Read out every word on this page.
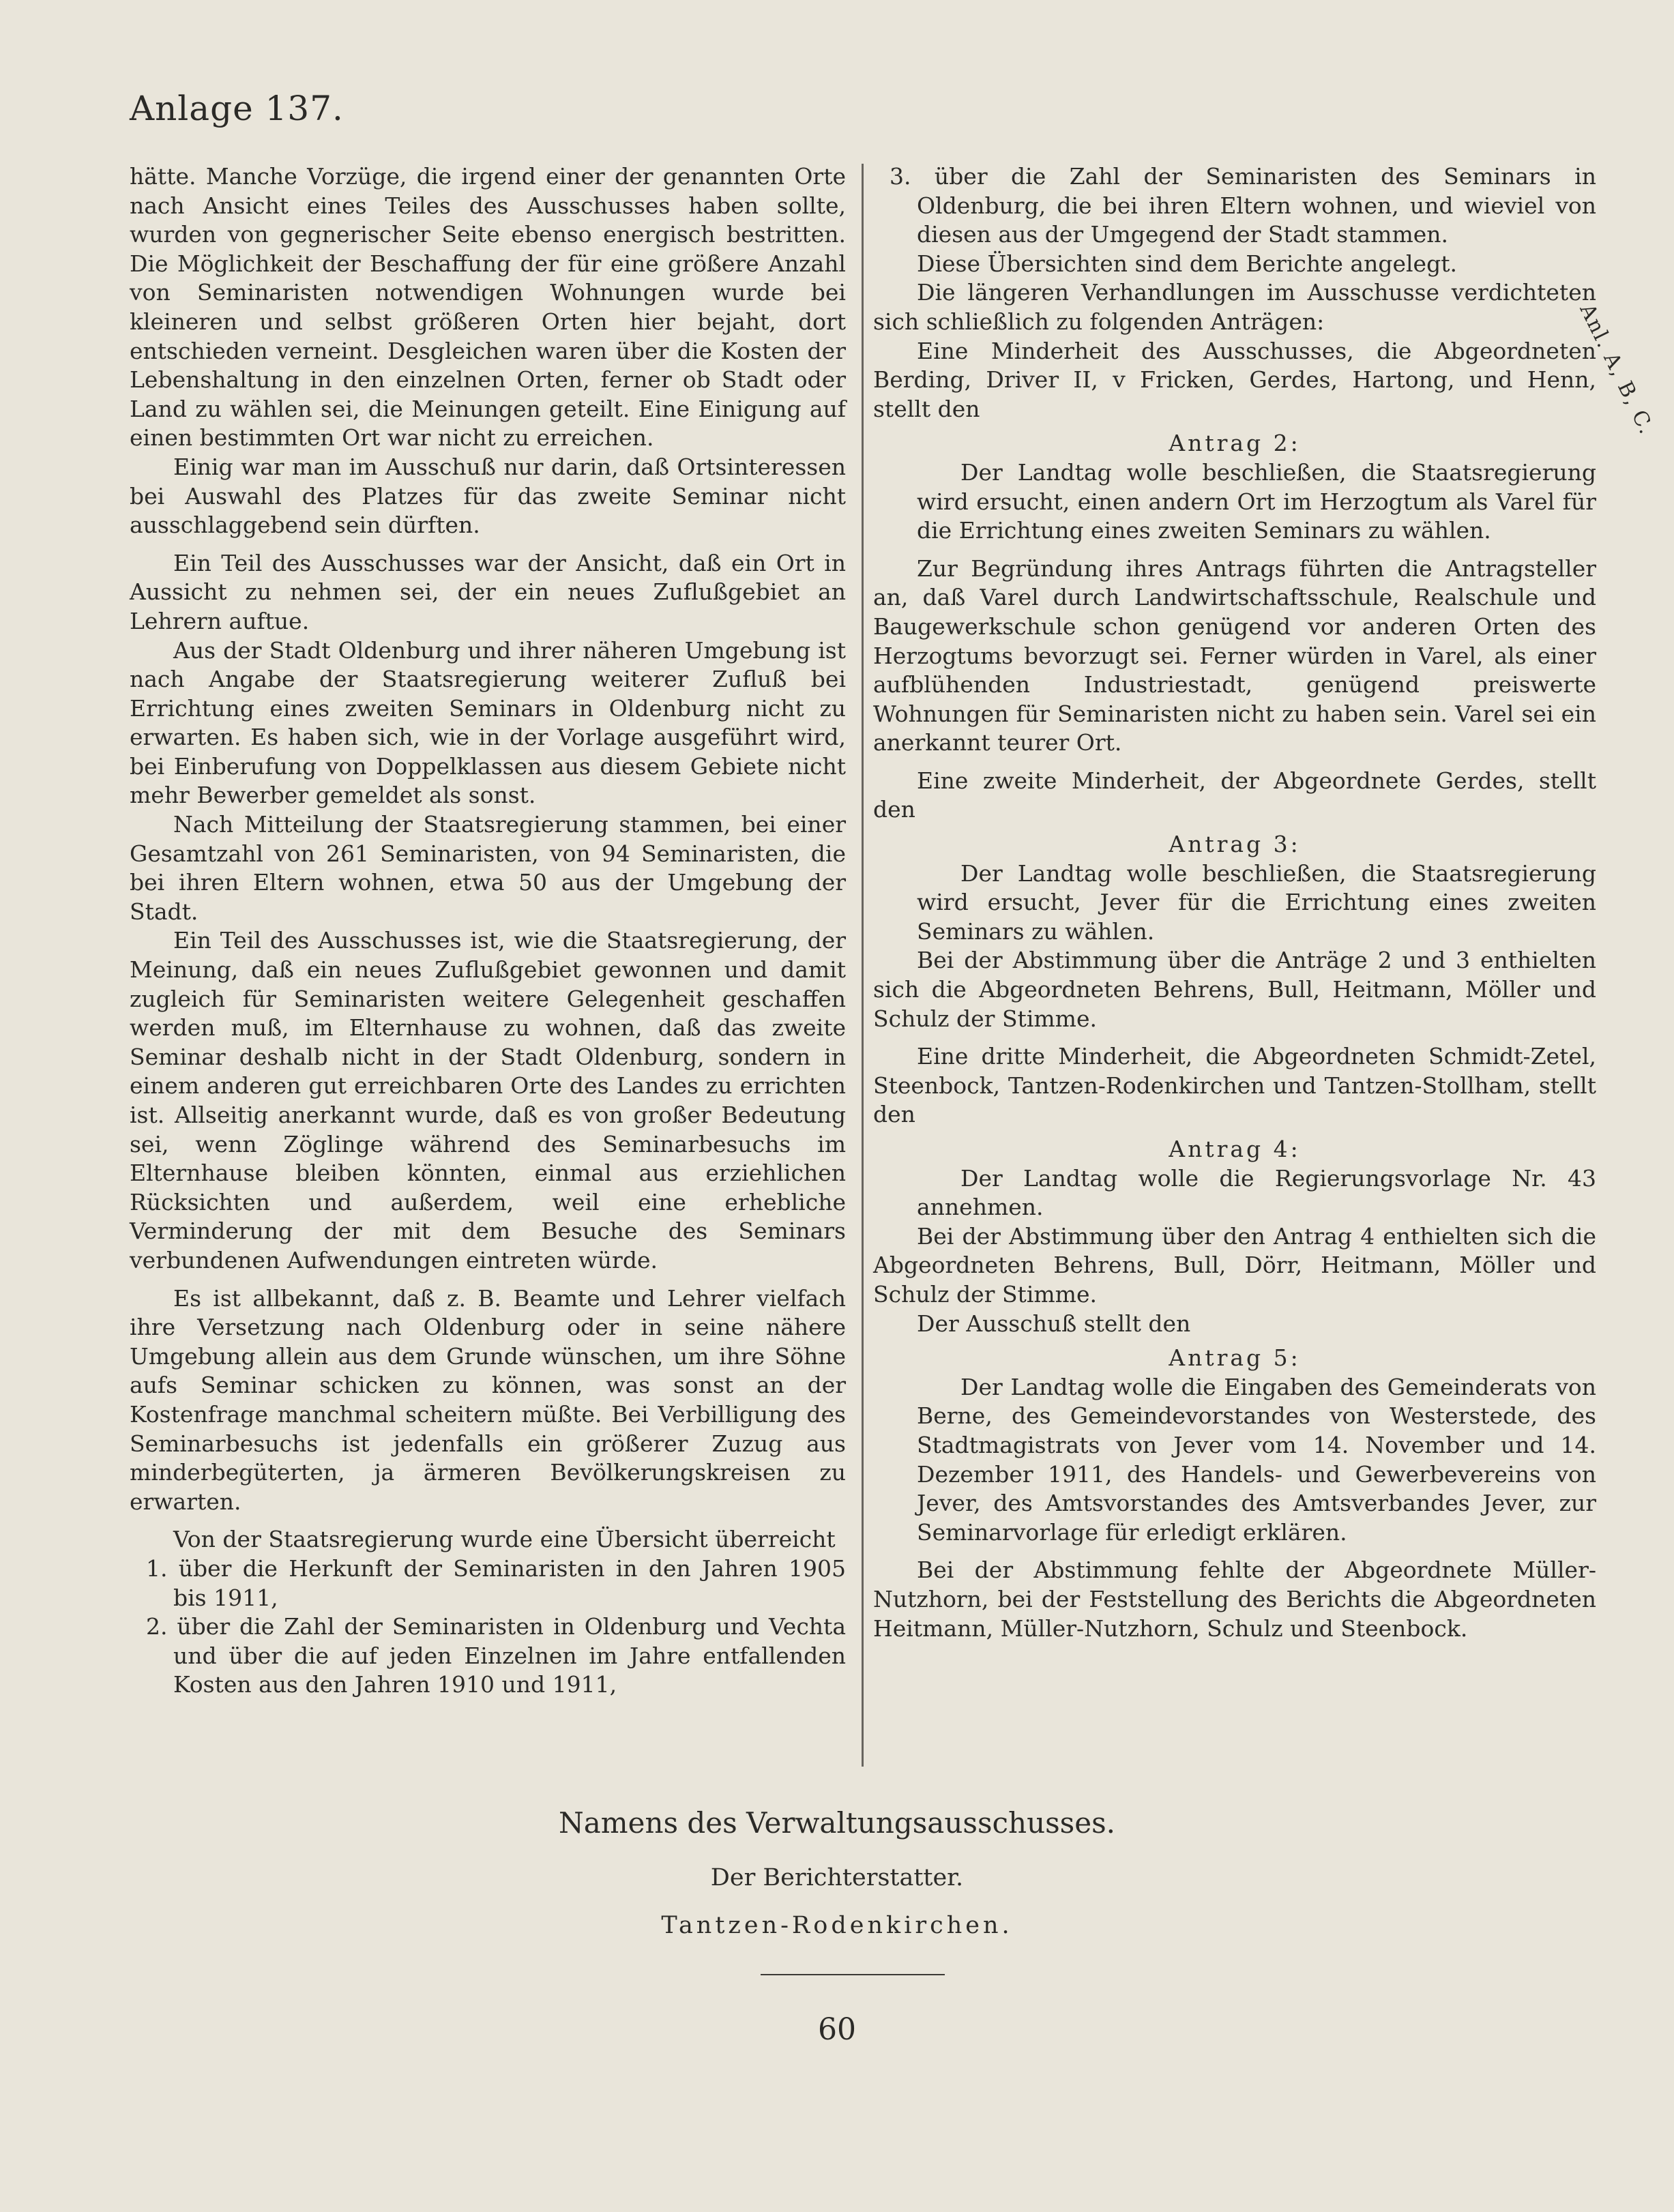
Anlage 137.

hätte. Manche Vorzüge, die irgend einer der genannten Orte nach Ansicht eines Teiles des Ausschusses haben sollte, wurden von gegnerischer Seite ebenso energisch bestritten. Die Möglichkeit der Beschaffung der für eine größere Anzahl von Seminaristen notwendigen Wohnungen wurde bei kleineren und selbst größeren Orten hier bejaht, dort entschieden verneint. Desgleichen waren über die Kosten der Lebenshaltung in den einzelnen Orten, ferner ob Stadt oder Land zu wählen sei, die Meinungen geteilt. Eine Einigung auf einen bestimmten Ort war nicht zu erreichen.

Einig war man im Ausschuß nur darin, daß Ortsinteressen bei Auswahl des Platzes für das zweite Seminar nicht ausschlaggebend sein dürften.

Ein Teil des Ausschusses war der Ansicht, daß ein Ort in Aussicht zu nehmen sei, der ein neues Zuflußgebiet an Lehrern auftue.

Aus der Stadt Oldenburg und ihrer näheren Umgebung ist nach Angabe der Staatsregierung weiterer Zufluß bei Errichtung eines zweiten Seminars in Oldenburg nicht zu erwarten. Es haben sich, wie in der Vorlage ausgeführt wird, bei Einberufung von Doppelklassen aus diesem Gebiete nicht mehr Bewerber gemeldet als sonst.

Nach Mitteilung der Staatsregierung stammen, bei einer Gesamtzahl von 261 Seminaristen, von 94 Seminaristen, die bei ihren Eltern wohnen, etwa 50 aus der Umgebung der Stadt.

Ein Teil des Ausschusses ist, wie die Staatsregierung, der Meinung, daß ein neues Zuflußgebiet gewonnen und damit zugleich für Seminaristen weitere Gelegenheit geschaffen werden muß, im Elternhause zu wohnen, daß das zweite Seminar deshalb nicht in der Stadt Oldenburg, sondern in einem anderen gut erreichbaren Orte des Landes zu errichten ist. Allseitig anerkannt wurde, daß es von großer Bedeutung sei, wenn Zöglinge während des Seminarbesuchs im Elternhause bleiben könnten, einmal aus erziehlichen Rücksichten und außerdem, weil eine erhebliche Verminderung der mit dem Besuche des Seminars verbundenen Aufwendungen eintreten würde.

Es ist allbekannt, daß z. B. Beamte und Lehrer vielfach ihre Versetzung nach Oldenburg oder in seine nähere Umgebung allein aus dem Grunde wünschen, um ihre Söhne aufs Seminar schicken zu können, was sonst an der Kostenfrage manchmal scheitern müßte. Bei Verbilligung des Seminarbesuchs ist jedenfalls ein größerer Zuzug aus minderbegüterten, ja ärmeren Bevölkerungskreisen zu erwarten.

Von der Staatsregierung wurde eine Übersicht überreicht

1. über die Herkunft der Seminaristen in den Jahren 1905 bis 1911,
2. über die Zahl der Seminaristen in Oldenburg und Vechta und über die auf jeden Einzelnen im Jahre entfallenden Kosten aus den Jahren 1910 und 1911,
3. über die Zahl der Seminaristen des Seminars in Oldenburg, die bei ihren Eltern wohnen, und wieviel von diesen aus der Umgegend der Stadt stammen.

Diese Übersichten sind dem Berichte angelegt.

Die längeren Verhandlungen im Ausschusse verdichteten sich schließlich zu folgenden Anträgen:

Eine Minderheit des Ausschusses, die Abgeordneten Berding, Driver II, v Fricken, Gerdes, Hartong, und Henn, stellt den

Antrag 2:

Der Landtag wolle beschließen, die Staatsregierung wird ersucht, einen andern Ort im Herzogtum als Varel für die Errichtung eines zweiten Seminars zu wählen.

Zur Begründung ihres Antrags führten die Antragsteller an, daß Varel durch Landwirtschaftsschule, Realschule und Baugewerkschule schon genügend vor anderen Orten des Herzogtums bevorzugt sei. Ferner würden in Varel, als einer aufblühenden Industriestadt, genügend preiswerte Wohnungen für Seminaristen nicht zu haben sein. Varel sei ein anerkannt teurer Ort.

Eine zweite Minderheit, der Abgeordnete Gerdes, stellt den

Antrag 3:

Der Landtag wolle beschließen, die Staatsregierung wird ersucht, Jever für die Errichtung eines zweiten Seminars zu wählen.

Bei der Abstimmung über die Anträge 2 und 3 enthielten sich die Abgeordneten Behrens, Bull, Heitmann, Möller und Schulz der Stimme.

Eine dritte Minderheit, die Abgeordneten Schmidt-Zetel, Steenbock, Tantzen-Rodenkirchen und Tantzen-Stollham, stellt den

Antrag 4:

Der Landtag wolle die Regierungsvorlage Nr. 43 annehmen.

Bei der Abstimmung über den Antrag 4 enthielten sich die Abgeordneten Behrens, Bull, Dörr, Heitmann, Möller und Schulz der Stimme.

Der Ausschuß stellt den

Antrag 5:

Der Landtag wolle die Eingaben des Gemeinderats von Berne, des Gemeindevorstandes von Westerstede, des Stadtmagistrats von Jever vom 14. November und 14. Dezember 1911, des Handels- und Gewerbevereins von Jever, des Amtsvorstandes des Amtsverbandes Jever, zur Seminarvorlage für erledigt erklären.

Bei der Abstimmung fehlte der Abgeordnete Müller-Nutzhorn, bei der Feststellung des Berichts die Abgeordneten Heitmann, Müller-Nutzhorn, Schulz und Steenbock.

Anl. A, B, C.
Namens des Verwaltungsausschusses.
Der Berichterstatter.
Tantzen-Rodenkirchen.
60
